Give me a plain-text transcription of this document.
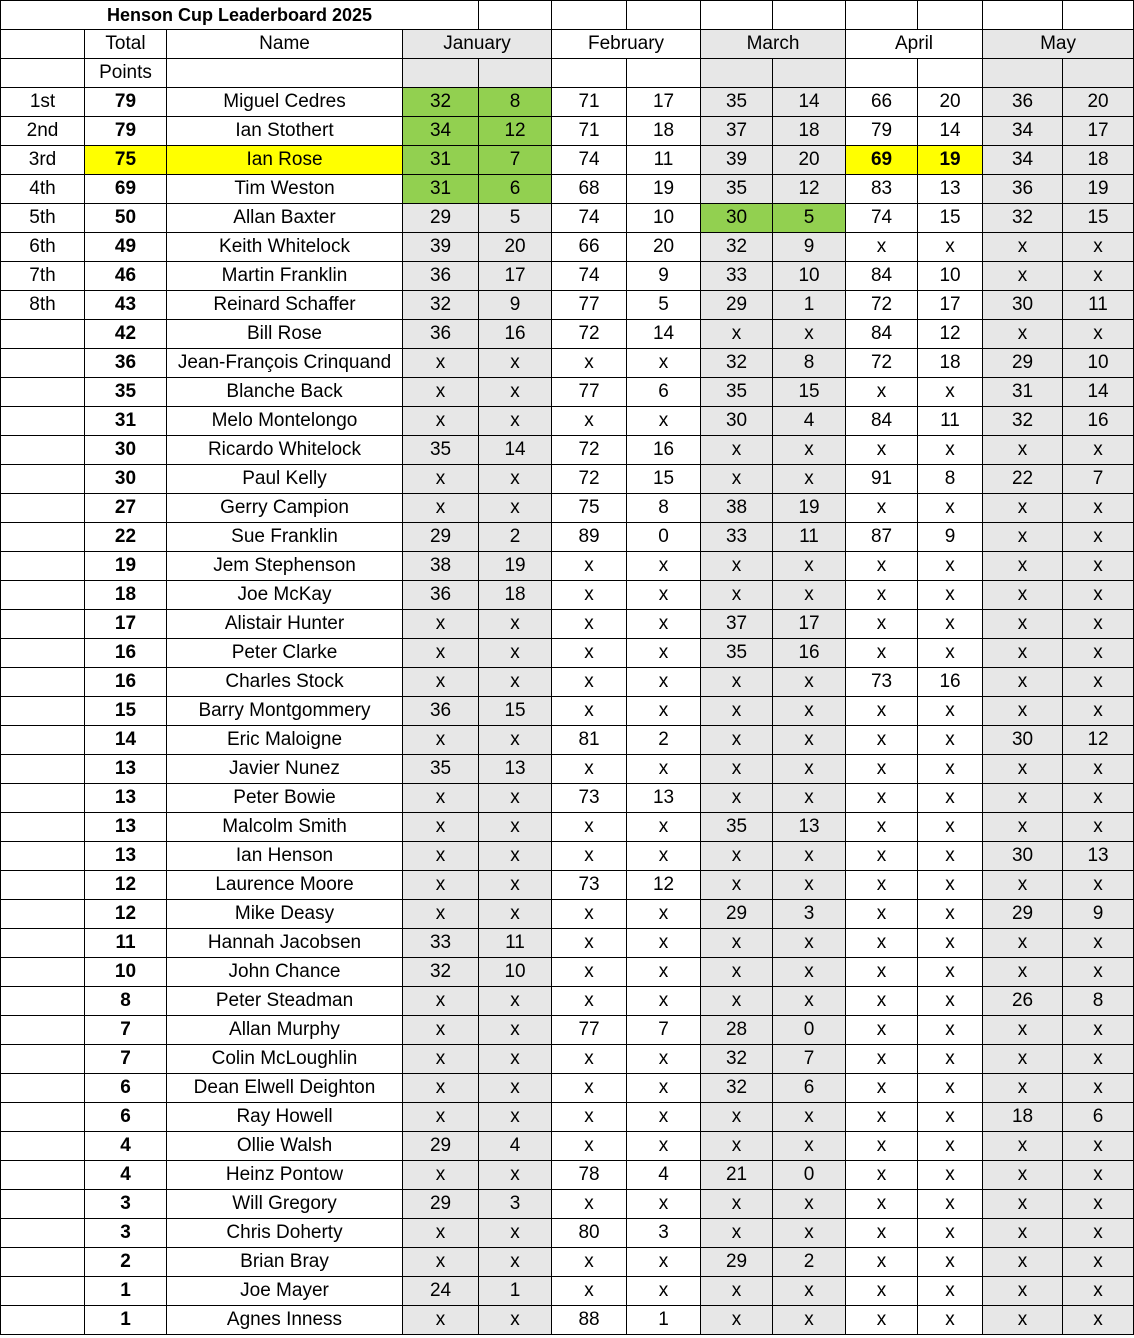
Henson Cup Leaderboard 2025												
	Total	Name	January		February		March		April		May	
	Points											
1st	79	Miguel Cedres	32	8	71	17	35	14	66	20	36	20
2nd	79	Ian Stothert	34	12	71	18	37	18	79	14	34	17
3rd	75	Ian Rose	31	7	74	11	39	20	69	19	34	18
4th	69	Tim Weston	31	6	68	19	35	12	83	13	36	19
5th	50	Allan Baxter	29	5	74	10	30	5	74	15	32	15
6th	49	Keith Whitelock	39	20	66	20	32	9	x	x	x	x
7th	46	Martin Franklin	36	17	74	9	33	10	84	10	x	x
8th	43	Reinard Schaffer	32	9	77	5	29	1	72	17	30	11
	42	Bill Rose	36	16	72	14	x	x	84	12	x	x
	36	Jean-François Crinquand	x	x	x	x	32	8	72	18	29	10
	35	Blanche Back	x	x	77	6	35	15	x	x	31	14
	31	Melo Montelongo	x	x	x	x	30	4	84	11	32	16
	30	Ricardo Whitelock	35	14	72	16	x	x	x	x	x	x
	30	Paul Kelly	x	x	72	15	x	x	91	8	22	7
	27	Gerry Campion	x	x	75	8	38	19	x	x	x	x
	22	Sue Franklin	29	2	89	0	33	11	87	9	x	x
	19	Jem Stephenson	38	19	x	x	x	x	x	x	x	x
	18	Joe McKay	36	18	x	x	x	x	x	x	x	x
	17	Alistair Hunter	x	x	x	x	37	17	x	x	x	x
	16	Peter Clarke	x	x	x	x	35	16	x	x	x	x
	16	Charles Stock	x	x	x	x	x	x	73	16	x	x
	15	Barry Montgommery	36	15	x	x	x	x	x	x	x	x
	14	Eric Maloigne	x	x	81	2	x	x	x	x	30	12
	13	Javier Nunez	35	13	x	x	x	x	x	x	x	x
	13	Peter Bowie	x	x	73	13	x	x	x	x	x	x
	13	Malcolm Smith	x	x	x	x	35	13	x	x	x	x
	13	Ian Henson	x	x	x	x	x	x	x	x	30	13
	12	Laurence Moore	x	x	73	12	x	x	x	x	x	x
	12	Mike Deasy	x	x	x	x	29	3	x	x	29	9
	11	Hannah Jacobsen	33	11	x	x	x	x	x	x	x	x
	10	John Chance	32	10	x	x	x	x	x	x	x	x
	8	Peter Steadman	x	x	x	x	x	x	x	x	26	8
	7	Allan Murphy	x	x	77	7	28	0	x	x	x	x
	7	Colin McLoughlin	x	x	x	x	32	7	x	x	x	x
	6	Dean Elwell Deighton	x	x	x	x	32	6	x	x	x	x
	6	Ray Howell	x	x	x	x	x	x	x	x	18	6
	4	Ollie Walsh	29	4	x	x	x	x	x	x	x	x
	4	Heinz Pontow	x	x	78	4	21	0	x	x	x	x
	3	Will Gregory	29	3	x	x	x	x	x	x	x	x
	3	Chris Doherty	x	x	80	3	x	x	x	x	x	x
	2	Brian Bray	x	x	x	x	29	2	x	x	x	x
	1	Joe Mayer	24	1	x	x	x	x	x	x	x	x
	1	Agnes Inness	x	x	88	1	x	x	x	x	x	x
